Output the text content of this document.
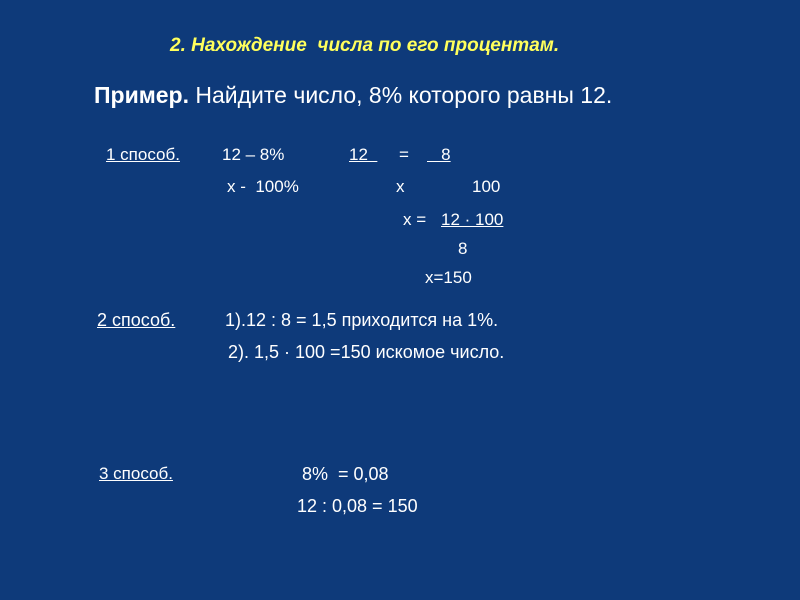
2. Нахождение  числа по его процентам.
Пример. Найдите число, 8% которого равны 12.
1 способ. 12 – 8%
х -  100%
12 = 8
х	100
х = 12 · 100
8
х=150
2 способ.	1).12 : 8 = 1,5 приходится на 1%.
2). 1,5 · 100 =150 искомое число.
3 способ.	8%  = 0,08
12 : 0,08 = 150
